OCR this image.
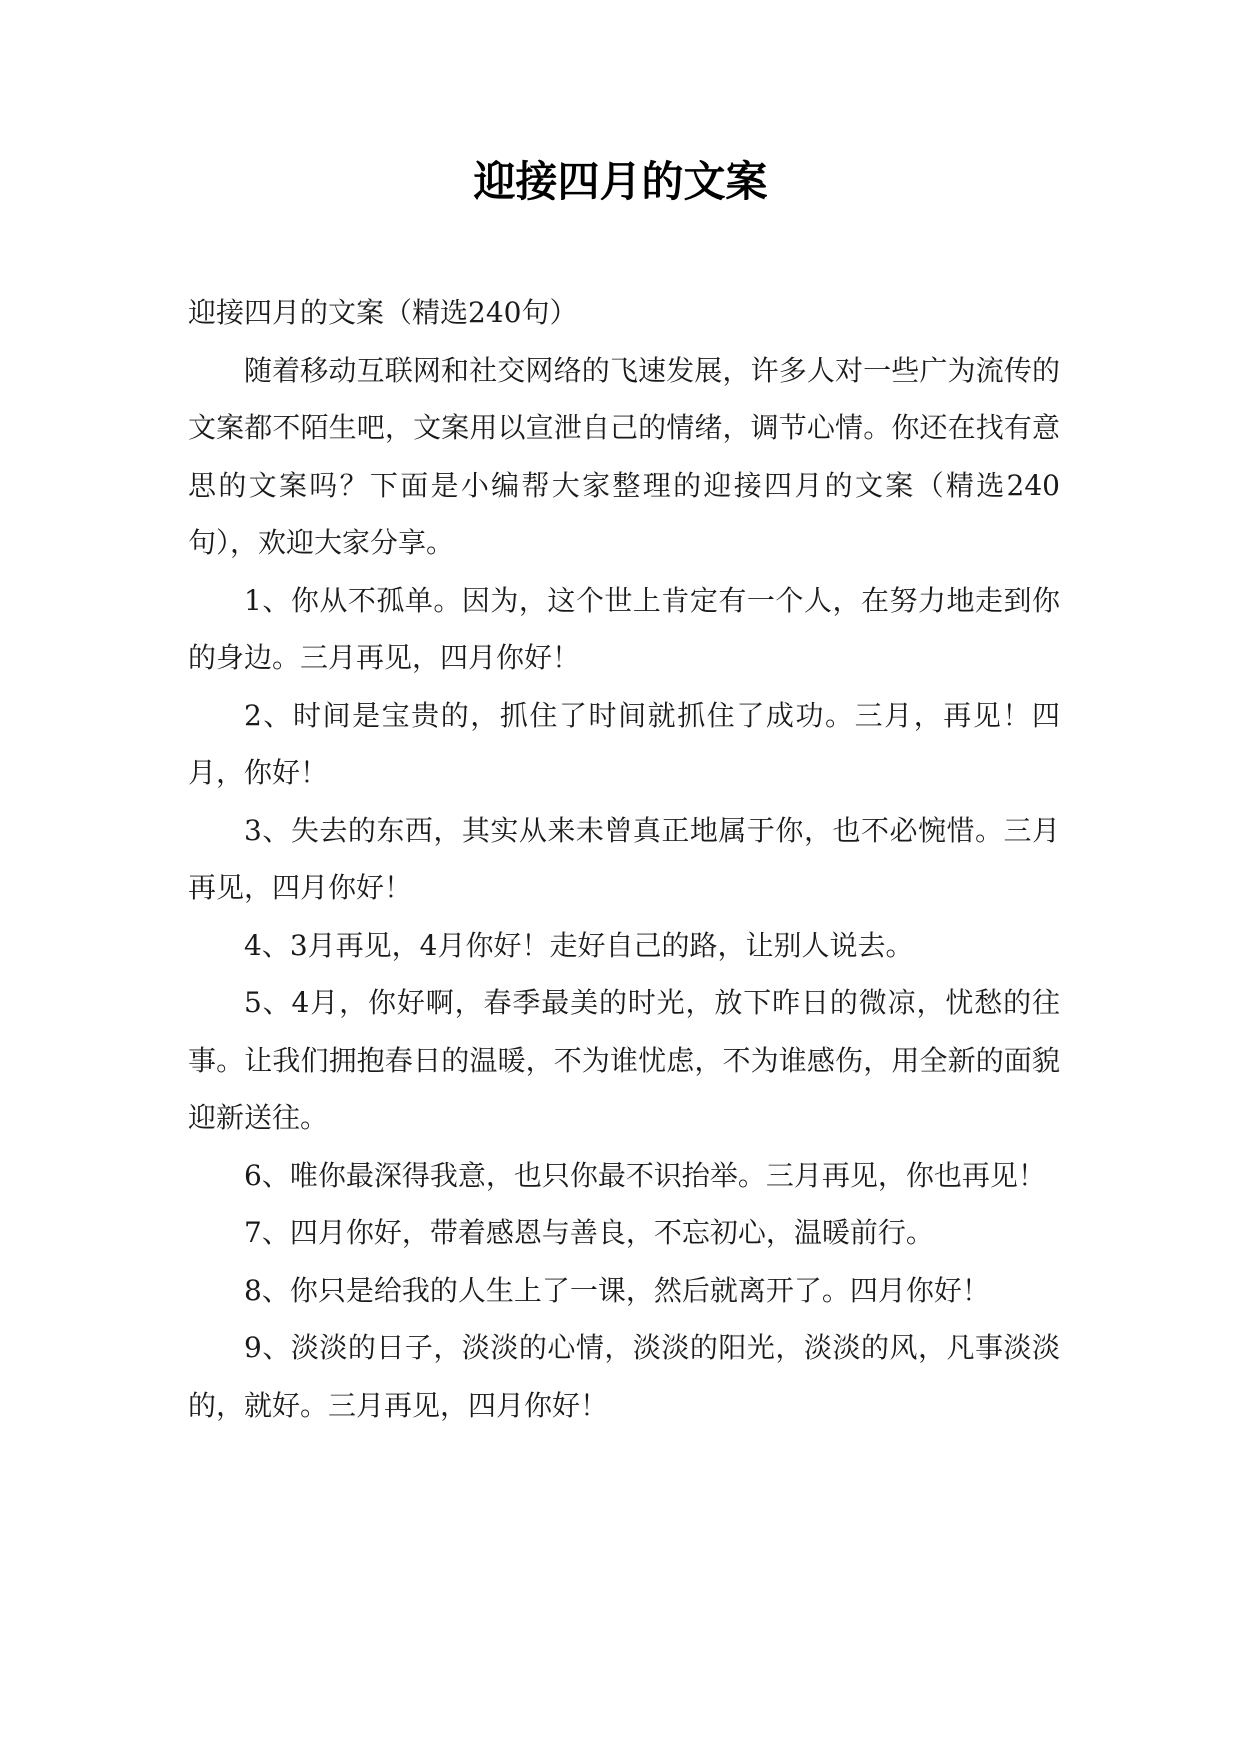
迎接四月的文案

迎接四月的文案（精选240句）

随着移动互联网和社交网络的飞速发展，许多人对一些广为流传的文案都不陌生吧，文案用以宣泄自己的情绪，调节心情。你还在找有意思的文案吗？下面是小编帮大家整理的迎接四月的文案（精选240句），欢迎大家分享。

1、你从不孤单。因为，这个世上肯定有一个人，在努力地走到你的身边。三月再见，四月你好！

2、时间是宝贵的，抓住了时间就抓住了成功。三月，再见！四月，你好！

3、失去的东西，其实从来未曾真正地属于你，也不必惋惜。三月再见，四月你好！

4、3月再见，4月你好！走好自己的路，让别人说去。

5、4月，你好啊，春季最美的时光，放下昨日的微凉，忧愁的往事。让我们拥抱春日的温暖，不为谁忧虑，不为谁感伤，用全新的面貌迎新送往。

6、唯你最深得我意，也只你最不识抬举。三月再见，你也再见！

7、四月你好，带着感恩与善良，不忘初心，温暖前行。

8、你只是给我的人生上了一课，然后就离开了。四月你好！

9、淡淡的日子，淡淡的心情，淡淡的阳光，淡淡的风，凡事淡淡的，就好。三月再见，四月你好！
